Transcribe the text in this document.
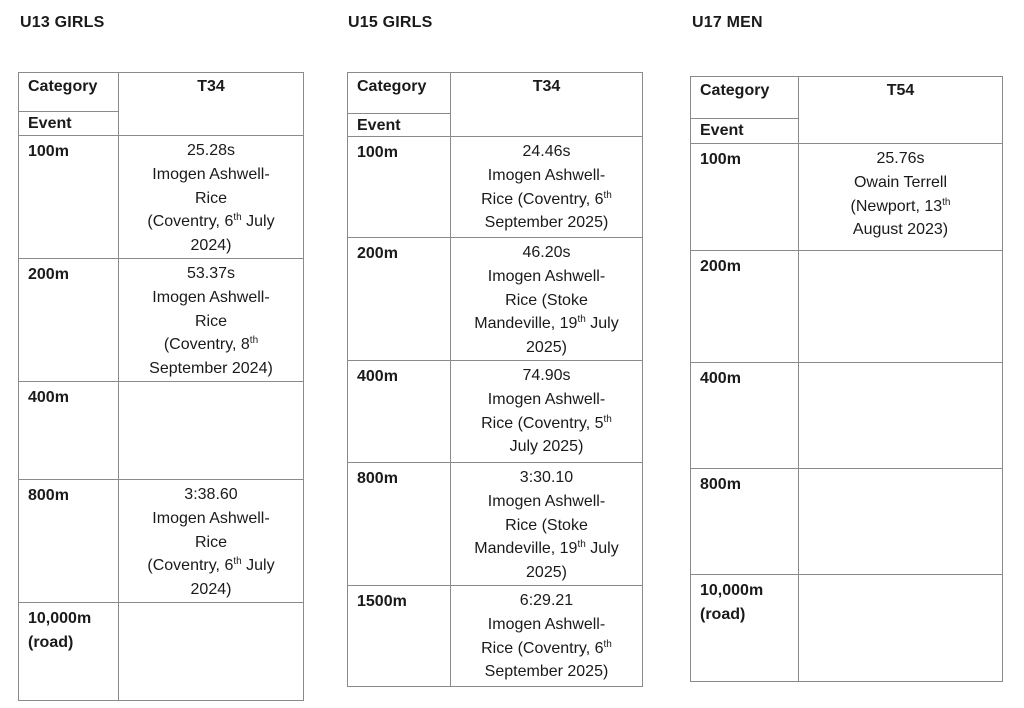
U13 GIRLS
Category
Event	T34
100m	25.28s
Imogen Ashwell-
Rice
(Coventry, 6th July
2024)

200m	53.37s
Imogen Ashwell-
Rice
(Coventry, 8th
September 2024)

400m	
800m	3:38.60
Imogen Ashwell-
Rice
(Coventry, 6th July
2024)

10,000m
(road)	

U15 GIRLS
Category
Event	T34
100m	24.46s
Imogen Ashwell-
Rice (Coventry, 6th
September 2025)

200m	46.20s
Imogen Ashwell-
Rice (Stoke
Mandeville, 19th July
2025)

400m	74.90s
Imogen Ashwell-
Rice (Coventry, 5th
July 2025)

800m	3:30.10
Imogen Ashwell-
Rice (Stoke
Mandeville, 19th July
2025)

1500m	6:29.21
Imogen Ashwell-
Rice (Coventry, 6th
September 2025)
U17 MEN
Category
Event	T54
100m	25.76s
Owain Terrell
(Newport, 13th
August 2023)

200m	
400m	
800m	

10,000m
(road)	
